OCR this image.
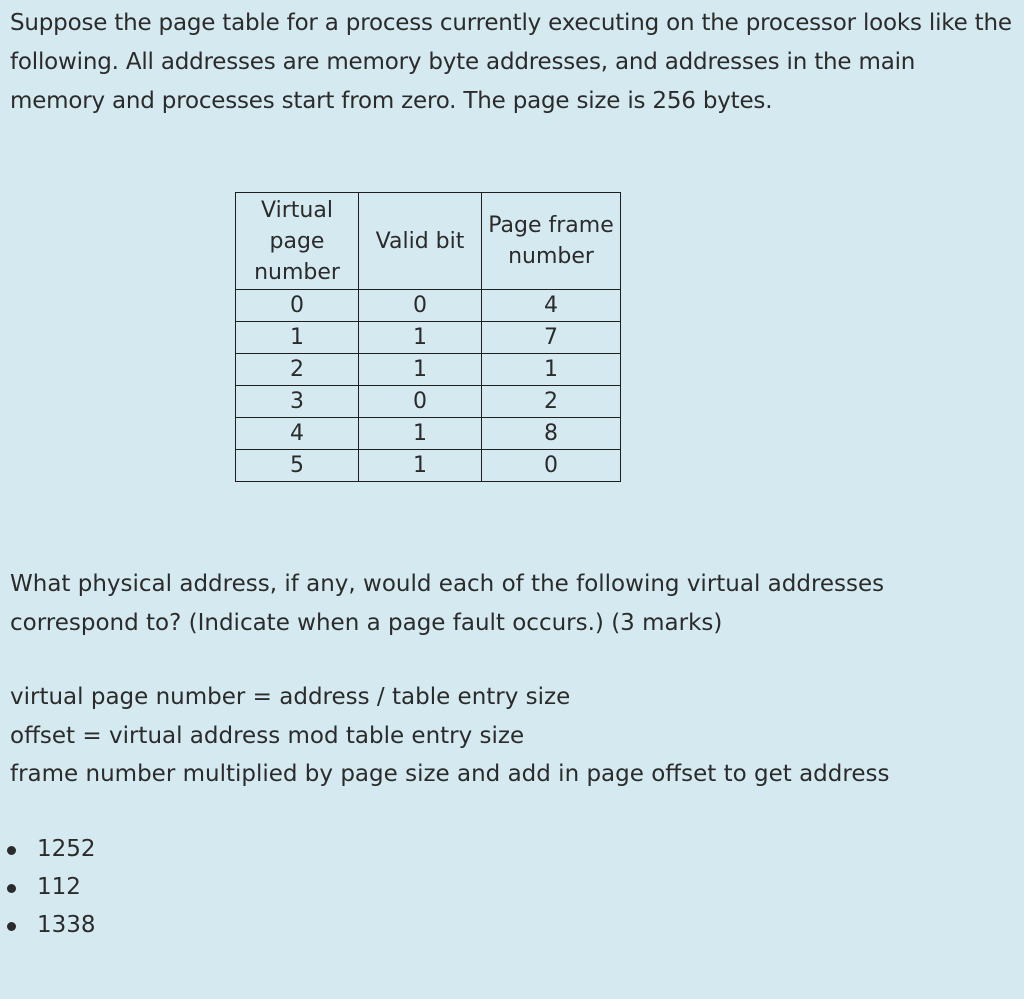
Suppose the page table for a process currently executing on the processor looks like the following. All addresses are memory byte addresses, and addresses in the main memory and processes start from zero. The page size is 256 bytes.

Virtual page number	Valid bit	Page frame number
0	0	4
1	1	7
2	1	1
3	0	2
4	1	8
5	1	0

What physical address, if any, would each of the following virtual addresses correspond to? (Indicate when a page fault occurs.) (3 marks)

virtual page number = address / table entry size
offset = virtual address mod table entry size
frame number multiplied by page size and add in page offset to get address
1252
112
1338
